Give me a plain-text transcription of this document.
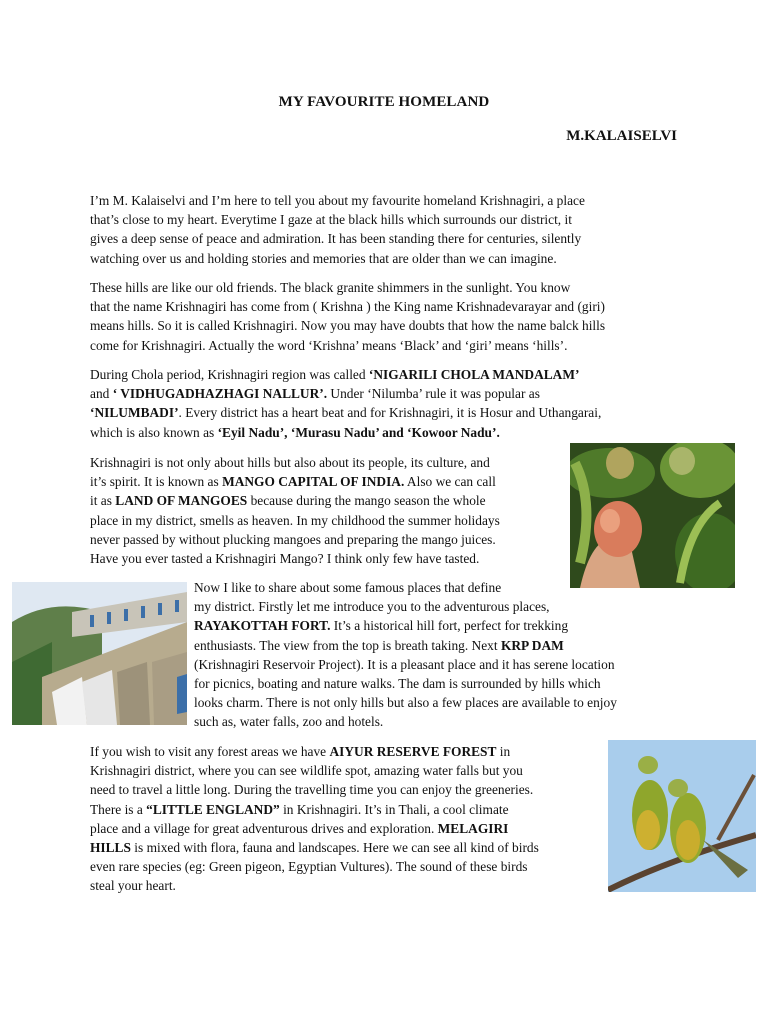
MY FAVOURITE HOMELAND
M.KALAISELVI
I’m M. Kalaiselvi and I’m here to tell you about my favourite homeland Krishnagiri, a place
that’s close to my heart. Everytime I gaze at the black hills which surrounds our district, it
gives a deep sense of peace and admiration. It has been standing there for centuries, silently
watching over us and holding stories and memories that are older than we can imagine.
These hills are like our old friends. The black granite shimmers in the sunlight. You know
that the name Krishnagiri has come from ( Krishna ) the King name Krishnadevarayar and (giri)
means hills. So it is called Krishnagiri. Now you may have doubts that how the name balck hills
come for Krishnagiri. Actually the word ‘Krishna’ means ‘Black’ and ‘giri’ means ‘hills’.
During Chola period, Krishnagiri region was called ‘NIGARILI CHOLA MANDALAM’
and ‘ VIDHUGADHAZHAGI NALLUR’. Under ‘Nilumba’ rule it was popular as
‘NILUMBADI’. Every district has a heart beat and for Krishnagiri, it is Hosur and Uthangarai,
which is also known as ‘Eyil Nadu’, ‘Murasu Nadu’ and ‘Kowoor Nadu’.
Krishnagiri is not only about hills but also about its people, its culture, and
it’s spirit. It is known as MANGO CAPITAL OF INDIA. Also we can call
it as LAND OF MANGOES because during the mango season the whole
place in my district, smells as heaven. In my childhood the summer holidays
never passed by without plucking mangoes and preparing the mango juices.
Have you ever tasted a Krishnagiri Mango? I think only few have tasted.
Now I like to share about some famous places that define
my district. Firstly let me introduce you to the adventurous places,
RAYAKOTTAH FORT. It’s a historical hill fort, perfect for trekking
enthusiasts. The view from the top is breath taking. Next KRP DAM
(Krishnagiri Reservoir Project). It is a pleasant place and it has serene location
for picnics, boating and nature walks. The dam is surrounded by hills which
looks charm. There is not only hills but also a few places are available to enjoy
such as, water falls, zoo and hotels.
If you wish to visit any forest areas we have AIYUR RESERVE FOREST in
Krishnagiri district, where you can see wildlife spot, amazing water falls but you
need to travel a little long. During the travelling time you can enjoy the greeneries.
There is a “LITTLE ENGLAND” in Krishnagiri. It’s in Thali, a cool climate
place and a village for great adventurous drives and exploration. MELAGIRI
HILLS is mixed with flora, fauna and landscapes. Here we can see all kind of birds
even rare species (eg: Green pigeon, Egyptian Vultures). The sound of these birds
steal your heart.
